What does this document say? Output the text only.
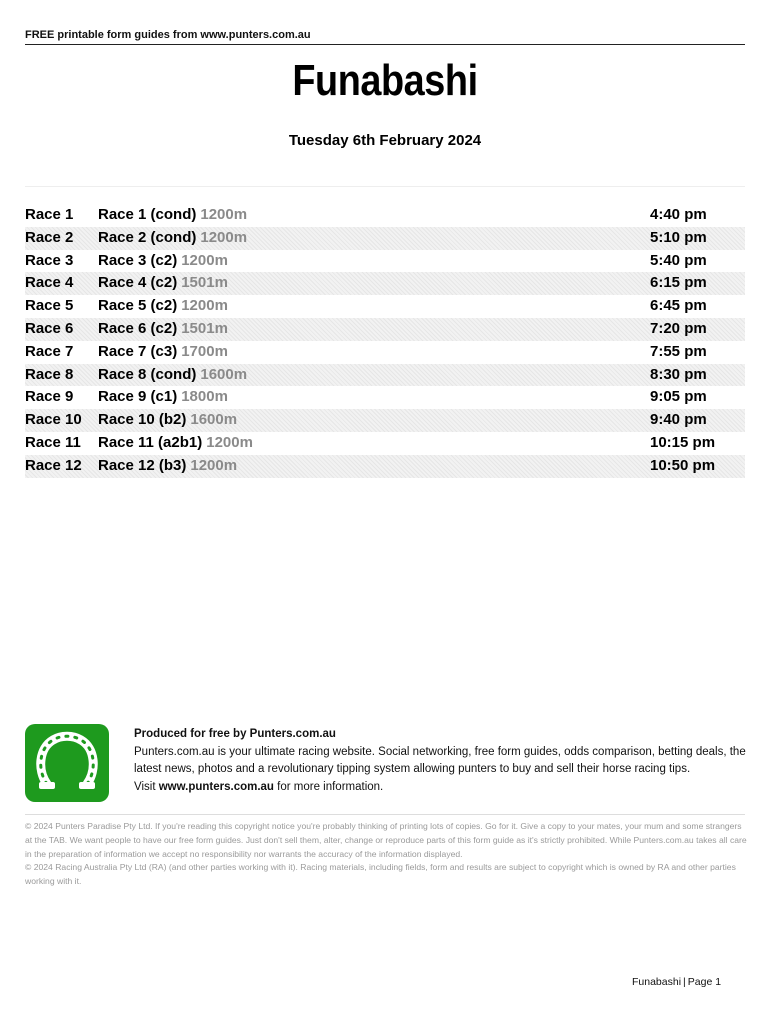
FREE printable form guides from www.punters.com.au
Funabashi
Tuesday 6th February 2024
Race 1 Race 1 (cond) 1200m	4:40 pm
Race 2 Race 2 (cond) 1200m	5:10 pm
Race 3 Race 3 (c2) 1200m	5:40 pm
Race 4 Race 4 (c2) 1501m	6:15 pm
Race 5 Race 5 (c2) 1200m	6:45 pm
Race 6 Race 6 (c2) 1501m	7:20 pm
Race 7 Race 7 (c3) 1700m	7:55 pm
Race 8 Race 8 (cond) 1600m	8:30 pm
Race 9 Race 9 (c1) 1800m	9:05 pm
Race 10 Race 10 (b2) 1600m	9:40 pm
Race 11 Race 11 (a2b1) 1200m	10:15 pm
Race 12 Race 12 (b3) 1200m	10:50 pm
Produced for free by Punters.com.au
Punters.com.au is your ultimate racing website. Social networking, free form guides, odds comparison, betting deals, the latest news, photos and a revolutionary tipping system allowing punters to buy and sell their horse racing tips.
Visit www.punters.com.au for more information.
© 2024 Punters Paradise Pty Ltd. If you're reading this copyright notice you're probably thinking of printing lots of copies. Go for it. Give a copy to your mates, your mum and some strangers at the TAB. We want people to have our free form guides. Just don't sell them, alter, change or reproduce parts of this form guide as it's strictly prohibited. While Punters.com.au takes all care in the preparation of information we accept no responsibility nor warrants the accuracy of the information displayed.
© 2024 Racing Australia Pty Ltd (RA) (and other parties working with it). Racing materials, including fields, form and results are subject to copyright which is owned by RA and other parties working with it.
Funabashi | Page 1
